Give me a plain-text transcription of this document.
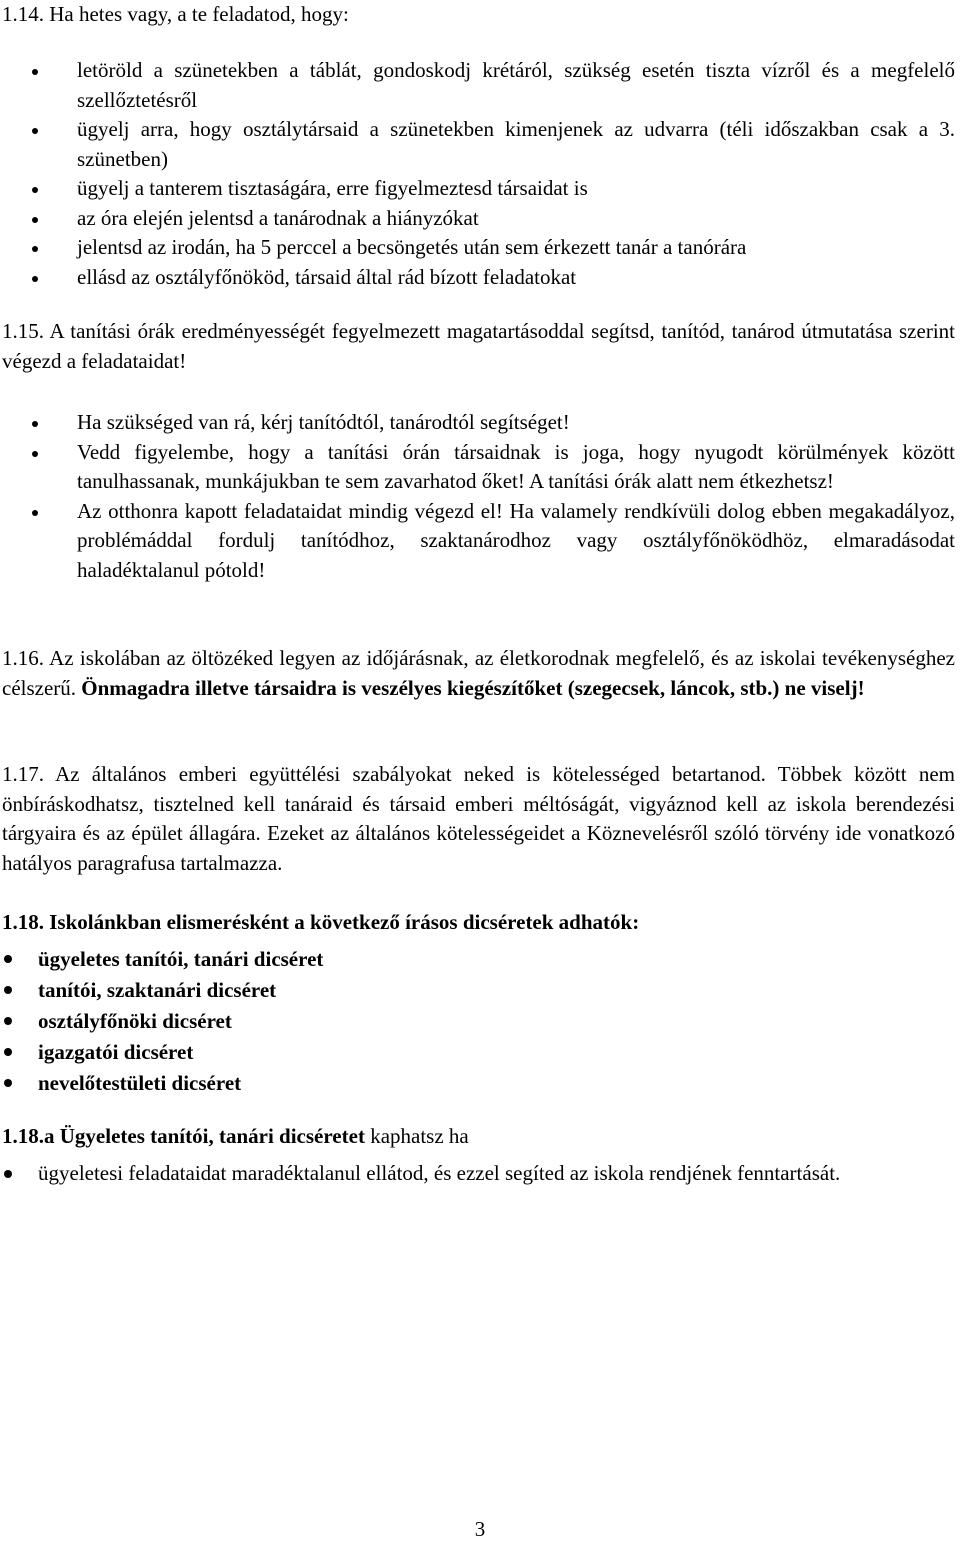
1.14. Ha hetes vagy, a te feladatod, hogy:
letöröld a szünetekben a táblát, gondoskodj krétáról, szükség esetén tiszta vízről és a megfelelő szellőztetésről
ügyelj arra, hogy osztálytársaid a szünetekben kimenjenek az udvarra (téli időszakban csak a 3. szünetben)
ügyelj a tanterem tisztaságára, erre figyelmeztesd társaidat is
az óra elején jelentsd a tanárodnak a hiányzókat
jelentsd az irodán, ha 5 perccel a becsöngetés után sem érkezett tanár a tanórára
ellásd az osztályfőnököd, társaid által rád bízott feladatokat
1.15. A tanítási órák eredményességét fegyelmezett magatartásoddal segítsd, tanítód, tanárod útmutatása szerint végezd a feladataidat!
Ha szükséged van rá, kérj tanítódtól, tanárodtól segítséget!
Vedd figyelembe, hogy a tanítási órán társaidnak is joga, hogy nyugodt körülmények között tanulhassanak, munkájukban te sem zavarhatod őket! A tanítási órák alatt nem étkezhetsz!
Az otthonra kapott feladataidat mindig végezd el! Ha valamely rendkívüli dolog ebben megakadályoz, problémáddal fordulj tanítódhoz, szaktanárodhoz vagy osztályfőnöködhöz, elmaradásodat haladéktalanul pótold!
1.16. Az iskolában az öltözéked legyen az időjárásnak, az életkorodnak megfelelő, és az iskolai tevékenységhez célszerű. Önmagadra illetve társaidra is veszélyes kiegészítőket (szegecsek, láncok, stb.) ne viselj!
1.17. Az általános emberi együttélési szabályokat neked is kötelességed betartanod. Többek között nem önbíráskodhatsz, tisztelned kell tanáraid és társaid emberi méltóságát, vigyáznod kell az iskola berendezési tárgyaira és az épület állagára. Ezeket az általános kötelességeidet a Köznevelésről szóló törvény ide vonatkozó hatályos paragrafusa tartalmazza.
1.18. Iskolánkban elismerésként a következő írásos dicséretek adhatók:
ügyeletes tanítói, tanári dicséret
tanítói, szaktanári dicséret
osztályfőnöki dicséret
igazgatói dicséret
nevelőtestületi dicséret
1.18.a Ügyeletes tanítói, tanári dicséretet kaphatsz ha
ügyeletesi feladataidat maradéktalanul ellátod, és ezzel segíted az iskola rendjének fenntartását.
3
